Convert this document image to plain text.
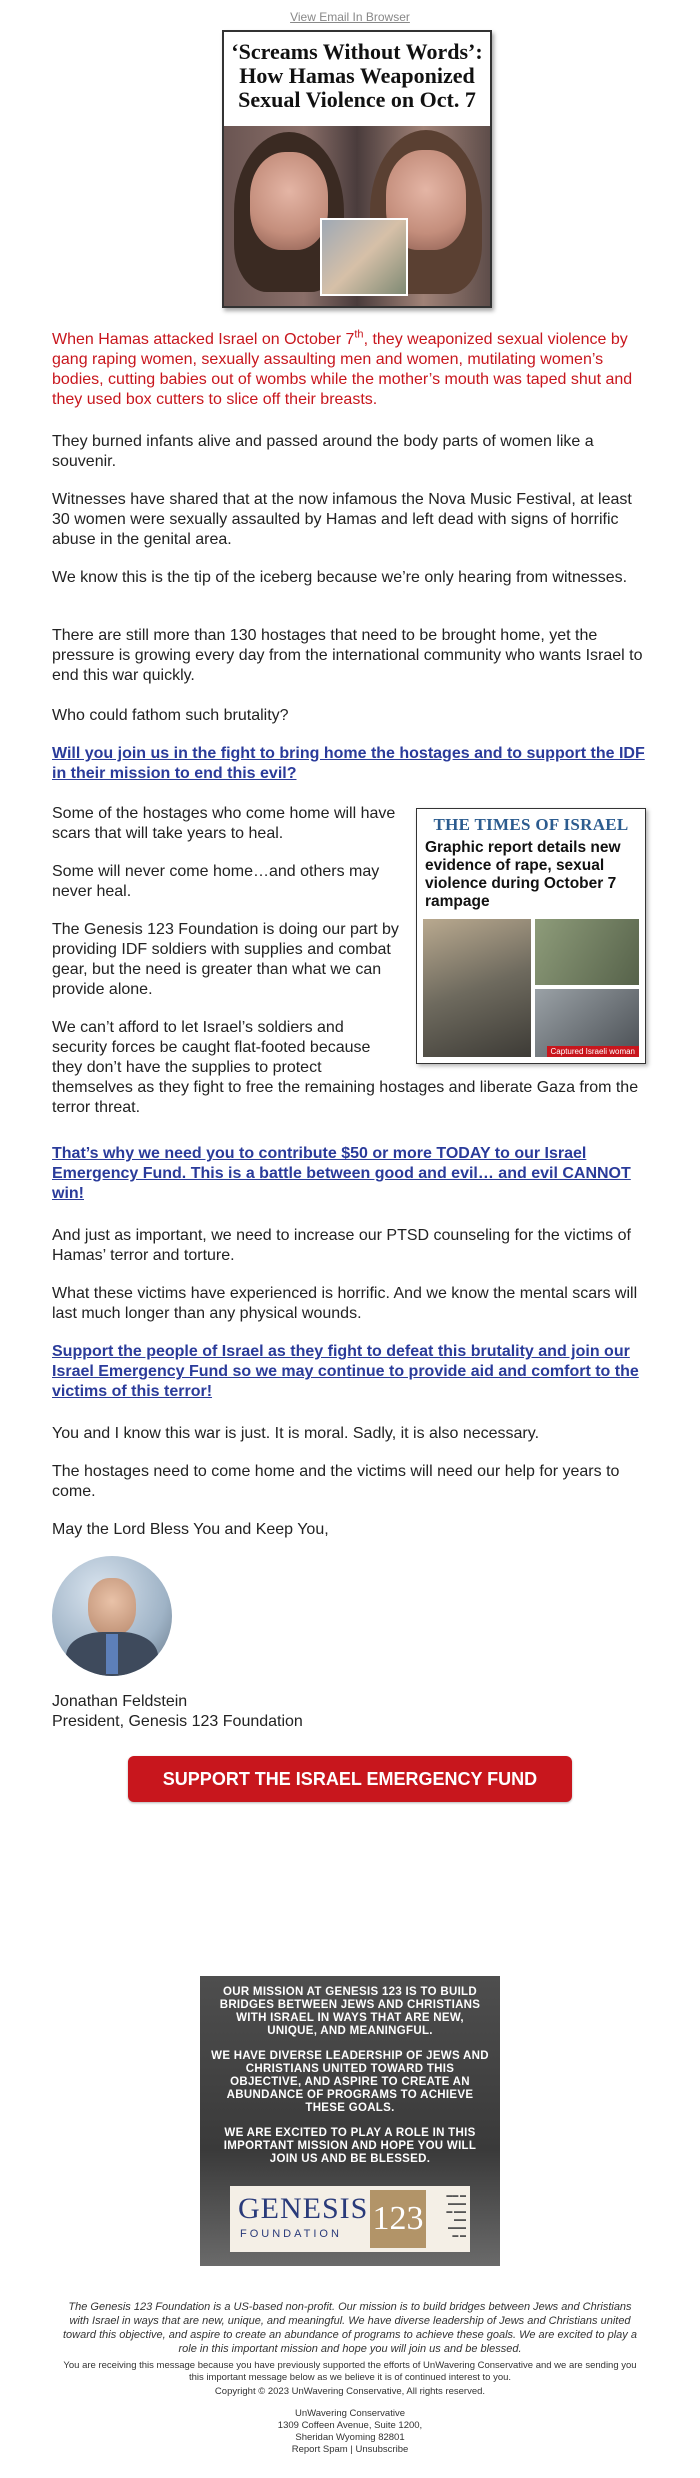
View Email In Browser
‘Screams Without Words’:
How Hamas Weaponized
Sexual Violence on Oct. 7

When Hamas attacked Israel on October 7th, they weaponized sexual violence by gang raping women, sexually assaulting men and women, mutilating women’s bodies, cutting babies out of wombs while the mother’s mouth was taped shut and they used box cutters to slice off their breasts.

They burned infants alive and passed around the body parts of women like a souvenir.

Witnesses have shared that at the now infamous the Nova Music Festival, at least 30 women were sexually assaulted by Hamas and left dead with signs of horrific abuse in the genital area.

We know this is the tip of the iceberg because we’re only hearing from witnesses.

There are still more than 130 hostages that need to be brought home, yet the pressure is growing every day from the international community who wants Israel to end this war quickly.

Who could fathom such brutality?

Will you join us in the fight to bring home the hostages and to support the IDF in their mission to end this evil?

Some of the hostages who come home will have scars that will take years to heal.

Some will never come home…and others may never heal.

The Genesis 123 Foundation is doing our part by providing IDF soldiers with supplies and combat gear, but the need is greater than what we can provide alone.

We can’t afford to let Israel’s soldiers and
security forces be caught flat-footed because
they don’t have the supplies to protect
themselves as they fight to free the remaining hostages and liberate Gaza from the terror threat.
THE TIMES OF ISRAEL
Graphic report details new evidence of rape, sexual violence during October 7 rampage
Captured Israeli woman

That’s why we need you to contribute $50 or more TODAY to our Israel Emergency Fund. This is a battle between good and evil… and evil CANNOT win!

And just as important, we need to increase our PTSD counseling for the victims of Hamas’ terror and torture.

What these victims have experienced is horrific. And we know the mental scars will last much longer than any physical wounds.

Support the people of Israel as they fight to defeat this brutality and join our Israel Emergency Fund so we may continue to provide aid and comfort to the victims of this terror!

You and I know this war is just. It is moral. Sadly, it is also necessary.

The hostages need to come home and the victims will need our help for years to come.

May the Lord Bless You and Keep You,

Jonathan Feldstein
President, Genesis 123 Foundation
SUPPORT THE ISRAEL EMERGENCY FUND

OUR MISSION AT GENESIS 123 IS TO BUILD BRIDGES BETWEEN JEWS AND CHRISTIANS WITH ISRAEL IN WAYS THAT ARE NEW, UNIQUE, AND MEANINGFUL.

WE HAVE DIVERSE LEADERSHIP OF JEWS AND CHRISTIANS UNITED TOWARD THIS OBJECTIVE, AND ASPIRE TO CREATE AN ABUNDANCE OF PROGRAMS TO ACHIEVE THESE GOALS.

WE ARE EXCITED TO PLAY A ROLE IN THIS IMPORTANT MISSION AND HOPE YOU WILL JOIN US AND BE BLESSED.

GENESIS
FOUNDATION 123
▬▬ ▬
▬▬▬
▬ ▬▬
▬▬
▬▬▬
▬ ▬

The Genesis 123 Foundation is a US-based non-profit. Our mission is to build bridges between Jews and Christians with Israel in ways that are new, unique, and meaningful. We have diverse leadership of Jews and Christians united toward this objective, and aspire to create an abundance of programs to achieve these goals. We are excited to play a role in this important mission and hope you will join us and be blessed.

You are receiving this message because you have previously supported the efforts of UnWavering Conservative and we are sending you this important message below as we believe it is of continued interest to you.

Copyright © 2023 UnWavering Conservative, All rights reserved.

UnWavering Conservative

1309 Coffeen Avenue, Suite 1200,

Sheridan Wyoming 82801

Report Spam | Unsubscribe
